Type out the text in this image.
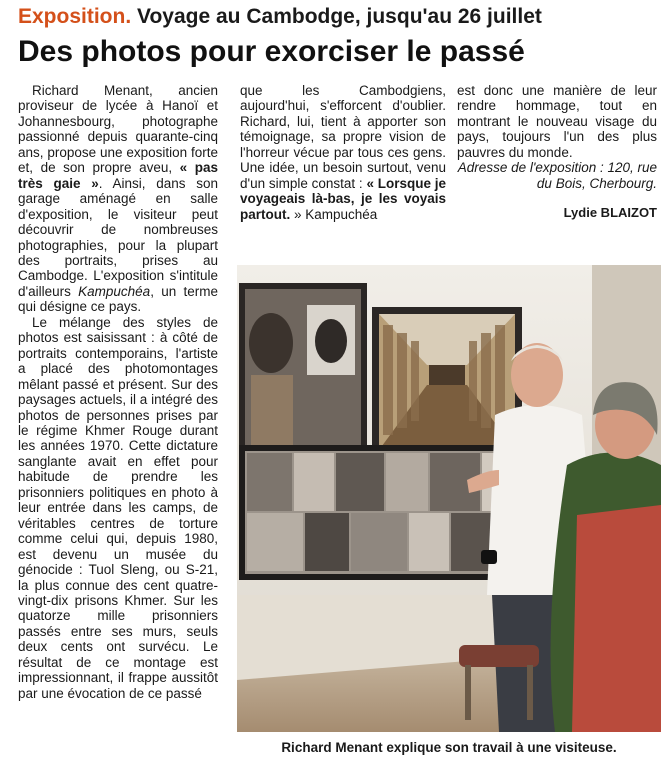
Exposition. Voyage au Cambodge, jusqu'au 26 juillet
Des photos pour exorciser le passé

Richard Menant, ancien proviseur de lycée à Hanoï et Johannesbourg, photographe passionné depuis quarante-cinq ans, propose une exposition forte et, de son propre aveu, « pas très gaie ». Ainsi, dans son garage aménagé en salle d'exposition, le visiteur peut découvrir de nombreuses photographies, pour la plupart des portraits, prises au Cambodge. L'exposition s'intitule d'ailleurs Kampuchéa, un terme qui désigne ce pays.

Le mélange des styles de photos est saisissant : à côté de portraits contemporains, l'artiste a placé des photomontages mêlant passé et présent. Sur des paysages actuels, il a intégré des photos de personnes prises par le régime Khmer Rouge durant les années 1970. Cette dictature sanglante avait en effet pour habitude de prendre les prisonniers politiques en photo à leur entrée dans les camps, de véritables centres de torture comme celui qui, depuis 1980, est devenu un musée du génocide : Tuol Sleng, ou S-21, la plus connue des cent quatre-vingt-dix prisons Khmer. Sur les quatorze mille prisonniers passés entre ses murs, seuls deux cents ont survécu. Le résultat de ce montage est impressionnant, il frappe aussitôt par une évocation de ce passé

que les Cambodgiens, aujourd'hui, s'efforcent d'oublier. Richard, lui, tient à apporter son témoignage, sa propre vision de l'horreur vécue par tous ces gens. Une idée, un besoin surtout, venu d'un simple constat : « Lorsque je voyageais là-bas, je les voyais partout. » Kampuchéa

est donc une manière de leur rendre hommage, tout en montrant le nouveau visage du pays, toujours l'un des plus pauvres du monde.

Adresse de l'exposition : 120, rue du Bois, Cherbourg.

Lydie BLAIZOT
Richard Menant explique son travail à une visiteuse.
